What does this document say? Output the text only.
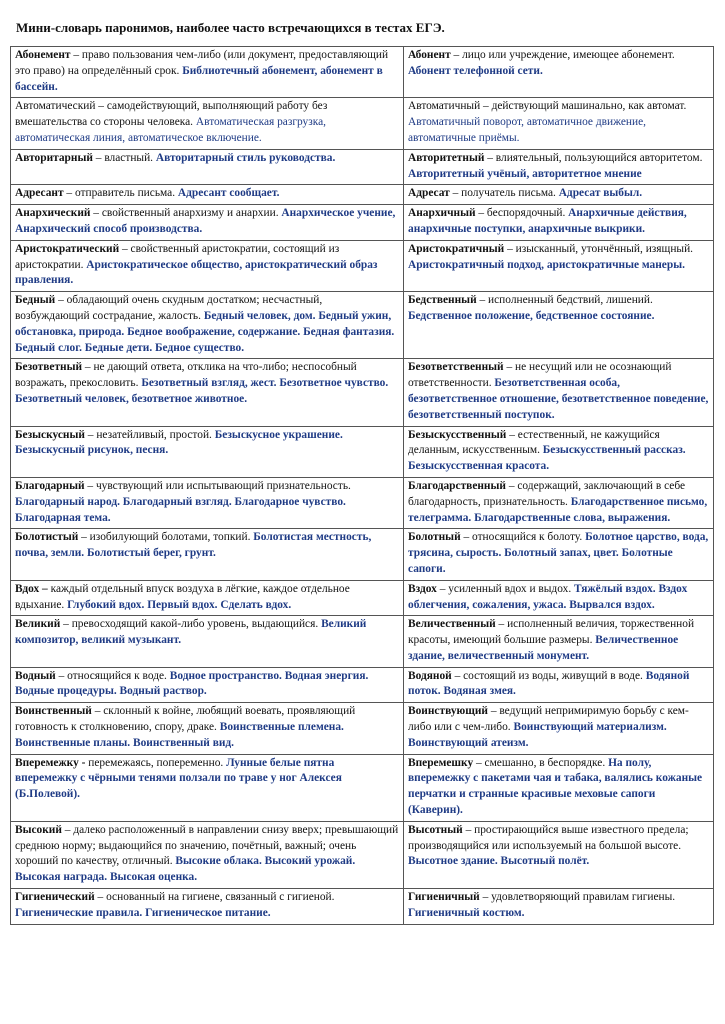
Мини-словарь паронимов, наиболее часто встречающихся в тестах ЕГЭ.
Абонемент – право пользования чем-либо (или документ, предоставляющий это право) на определённый срок. Библиотечный абонемент, абонемент в бассейн.	Абонент – лицо или учреждение, имеющее абонемент. Абонент телефонной сети.
Автоматический – самодействующий, выполняющий работу без вмешательства со стороны человека. Автоматическая разгрузка, автоматическая линия, автоматическое включение.	Автоматичный – действующий машинально, как автомат. Автоматичный поворот, автоматичное движение, автоматичные приёмы.
Авторитарный – властный. Авторитарный стиль руководства.	Авторитетный – влиятельный, пользующийся авторитетом. Авторитетный учёный, авторитетное мнение
Адресант – отправитель письма. Адресант сообщает.	Адресат – получатель письма. Адресат выбыл.
Анархический – свойственный анархизму и анархии. Анархическое учение, Анархический способ производства.	Анархичный – беспорядочный. Анархичные действия, анархичные поступки, анархичные выкрики.
Аристократический – свойственный аристократии, состоящий из аристократии. Аристократическое общество, аристократический образ правления.	Аристократичный – изысканный, утончённый, изящный. Аристократичный подход, аристократичные манеры.
Бедный – обладающий очень скудным достатком; несчастный, возбуждающий сострадание, жалость. Бедный человек, дом. Бедный ужин, обстановка, природа. Бедное воображение, содержание. Бедная фантазия. Бедный слог. Бедные дети. Бедное существо.	Бедственный – исполненный бедствий, лишений. Бедственное положение, бедственное состояние.
Безответный – не дающий ответа, отклика на что-либо; неспособный возражать, прекословить. Безответный взгляд, жест. Безответное чувство. Безответный человек, безответное животное.	Безответственный – не несущий или не осознающий ответственности. Безответственная особа, безответственное отношение, безответственное поведение, безответственный поступок.
Безыскусный – незатейливый, простой. Безыскусное украшение. Безыскусный рисунок, песня.	Безыскусственный – естественный, не кажущийся деланным, искусственным. Безыскусственный рассказ. Безыскусственная красота.
Благодарный – чувствующий или испытывающий признательность. Благодарный народ. Благодарный взгляд. Благодарное чувство. Благодарная тема.	Благодарственный – содержащий, заключающий в себе благодарность, признательность. Благодарственное письмо, телеграмма. Благодарственные слова, выражения.
Болотистый – изобилующий болотами, топкий. Болотистая местность, почва, земли. Болотистый берег, грунт.	Болотный – относящийся к болоту. Болотное царство, вода, трясина, сырость. Болотный запах, цвет. Болотные сапоги.
Вдох – каждый отдельный впуск воздуха в лёгкие, каждое отдельное вдыхание. Глубокий вдох. Первый вдох. Сделать вдох.	Вздох – усиленный вдох и выдох. Тяжёлый вздох. Вздох облегчения, сожаления, ужаса. Вырвался вздох.
Великий – превосходящий какой-либо уровень, выдающийся. Великий композитор, великий музыкант.	Величественный – исполненный величия, торжественной красоты, имеющий большие размеры. Величественное здание, величественный монумент.
Водный – относящийся к воде. Водное пространство. Водная энергия. Водные процедуры. Водный раствор.	Водяной – состоящий из воды, живущий в воде. Водяной поток. Водяная змея.
Воинственный – склонный к войне, любящий воевать, проявляющий готовность к столкновению, спору, драке. Воинственные племена. Воинственные планы. Воинственный вид.	Воинствующий – ведущий непримиримую борьбу с кем-либо или с чем-либо. Воинствующий материализм. Воинствующий атеизм.
Вперемежку - перемежаясь, попеременно. Лунные белые пятна вперемежку с чёрными тенями ползали по траве у ног Алексея (Б.Полевой).	Вперемешку – смешанно, в беспорядке. На полу, вперемежку с пакетами чая и табака, валялись кожаные перчатки и странные красивые меховые сапоги (Каверин).
Высокий – далеко расположенный в направлении снизу вверх; превышающий среднюю норму; выдающийся по значению, почётный, важный; очень хороший по качеству, отличный. Высокие облака. Высокий урожай. Высокая награда. Высокая оценка.	Высотный – простирающийся выше известного предела; производящийся или используемый на большой высоте. Высотное здание. Высотный полёт.
Гигиенический – основанный на гигиене, связанный с гигиеной. Гигиенические правила. Гигиеническое питание.	Гигиеничный – удовлетворяющий правилам гигиены. Гигиеничный костюм.
